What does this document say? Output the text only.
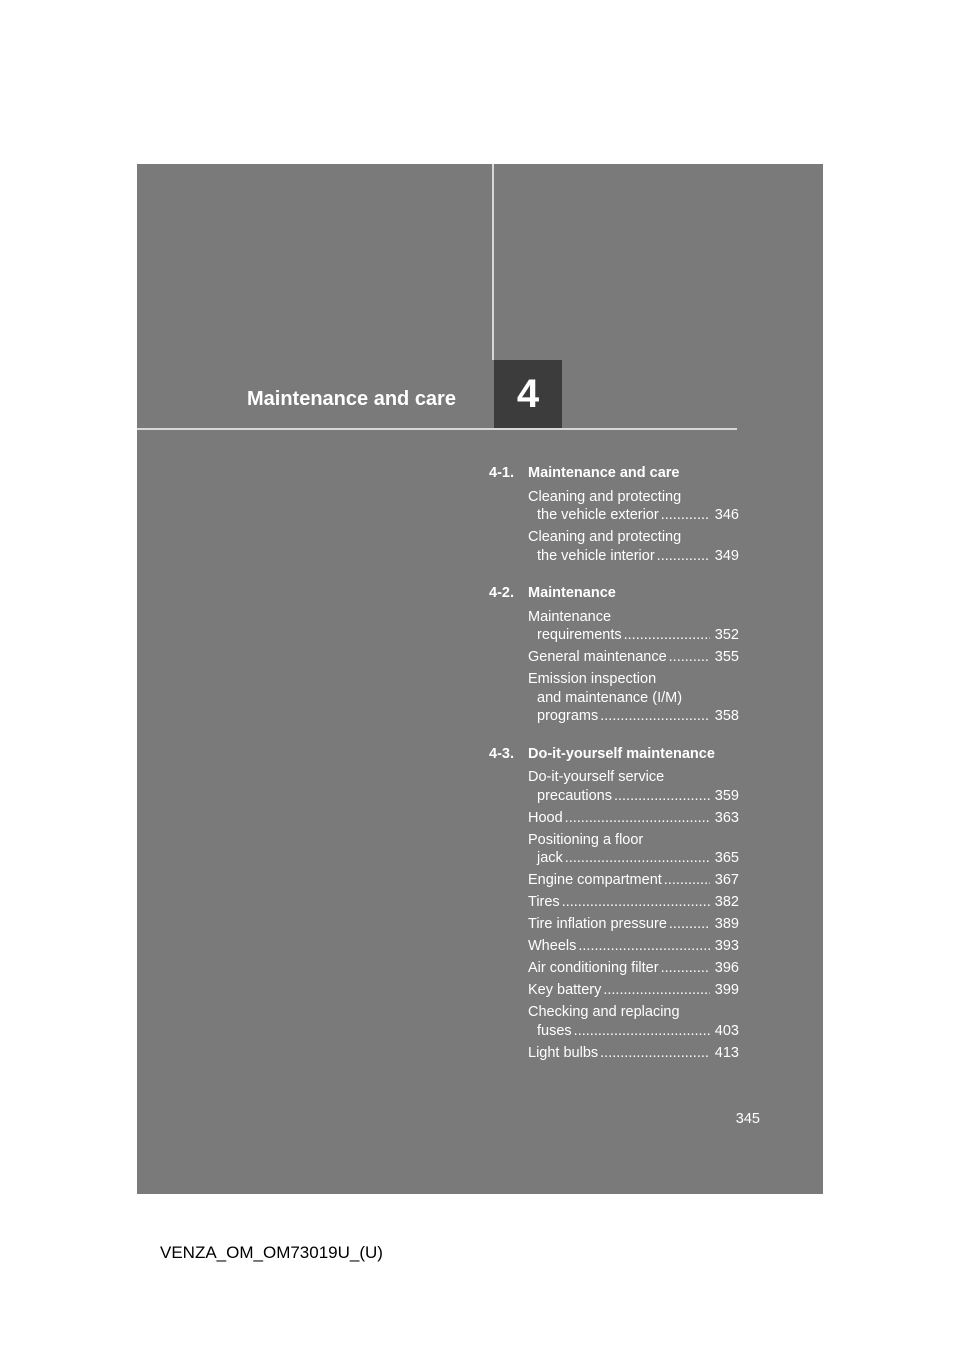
Maintenance and care 4
4-1. Maintenance and care
Cleaning and protecting
the vehicle exterior .....	346
Cleaning and protecting
the vehicle interior .....	349
4-2. Maintenance
Maintenance
requirements .....	352
General maintenance .....	355
Emission inspection
and maintenance (I/M)
programs .....	358
4-3. Do-it-yourself maintenance
Do-it-yourself service
precautions .....	359
Hood .....	363
Positioning a floor
jack .....	365
Engine compartment .....	367
Tires .....	382
Tire inflation pressure .....	389
Wheels .....	393
Air conditioning filter .....	396
Key battery .....	399
Checking and replacing
fuses .....	403
Light bulbs .....	413
345
VENZA_OM_OM73019U_(U)
